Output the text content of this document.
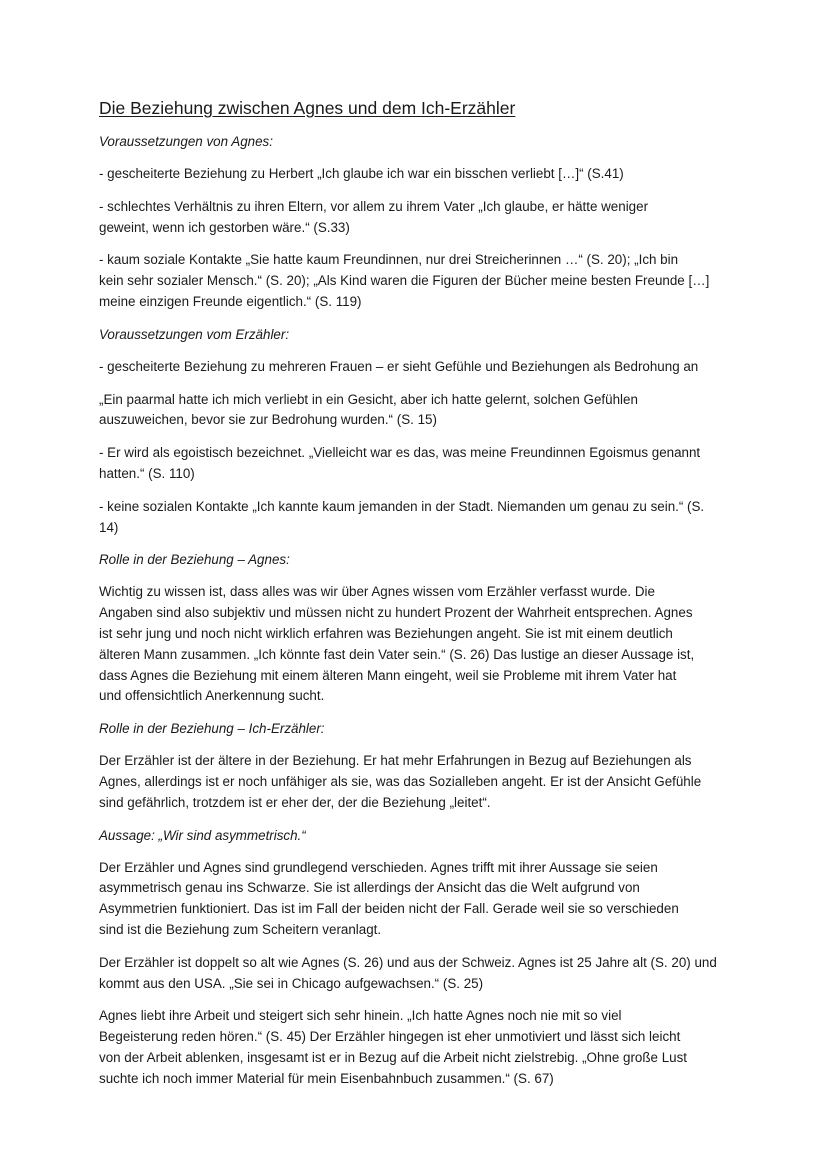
Die Beziehung zwischen Agnes und dem Ich-Erzähler
Voraussetzungen von Agnes:
- gescheiterte Beziehung zu Herbert „Ich glaube ich war ein bisschen verliebt […]“ (S.41)
- schlechtes Verhältnis zu ihren Eltern, vor allem zu ihrem Vater „Ich glaube, er hätte weniger
geweint, wenn ich gestorben wäre.“ (S.33)
- kaum soziale Kontakte „Sie hatte kaum Freundinnen, nur drei Streicherinnen …“ (S. 20); „Ich bin
kein sehr sozialer Mensch.“ (S. 20); „Als Kind waren die Figuren der Bücher meine besten Freunde […]
meine einzigen Freunde eigentlich.“ (S. 119)
Voraussetzungen vom Erzähler:
- gescheiterte Beziehung zu mehreren Frauen – er sieht Gefühle und Beziehungen als Bedrohung an
„Ein paarmal hatte ich mich verliebt in ein Gesicht, aber ich hatte gelernt, solchen Gefühlen
auszuweichen, bevor sie zur Bedrohung wurden.“ (S. 15)
- Er wird als egoistisch bezeichnet. „Vielleicht war es das, was meine Freundinnen Egoismus genannt
hatten.“ (S. 110)
- keine sozialen Kontakte „Ich kannte kaum jemanden in der Stadt. Niemanden um genau zu sein.“ (S.
14)
Rolle in der Beziehung – Agnes:
Wichtig zu wissen ist, dass alles was wir über Agnes wissen vom Erzähler verfasst wurde. Die
Angaben sind also subjektiv und müssen nicht zu hundert Prozent der Wahrheit entsprechen. Agnes
ist sehr jung und noch nicht wirklich erfahren was Beziehungen angeht. Sie ist mit einem deutlich
älteren Mann zusammen. „Ich könnte fast dein Vater sein.“ (S. 26) Das lustige an dieser Aussage ist,
dass Agnes die Beziehung mit einem älteren Mann eingeht, weil sie Probleme mit ihrem Vater hat
und offensichtlich Anerkennung sucht.
Rolle in der Beziehung – Ich-Erzähler:
Der Erzähler ist der ältere in der Beziehung. Er hat mehr Erfahrungen in Bezug auf Beziehungen als
Agnes, allerdings ist er noch unfähiger als sie, was das Sozialleben angeht. Er ist der Ansicht Gefühle
sind gefährlich, trotzdem ist er eher der, der die Beziehung „leitet“.
Aussage: „Wir sind asymmetrisch.“
Der Erzähler und Agnes sind grundlegend verschieden. Agnes trifft mit ihrer Aussage sie seien
asymmetrisch genau ins Schwarze. Sie ist allerdings der Ansicht das die Welt aufgrund von
Asymmetrien funktioniert. Das ist im Fall der beiden nicht der Fall. Gerade weil sie so verschieden
sind ist die Beziehung zum Scheitern veranlagt.
Der Erzähler ist doppelt so alt wie Agnes (S. 26) und aus der Schweiz. Agnes ist 25 Jahre alt (S. 20) und
kommt aus den USA. „Sie sei in Chicago aufgewachsen.“ (S. 25)
Agnes liebt ihre Arbeit und steigert sich sehr hinein. „Ich hatte Agnes noch nie mit so viel
Begeisterung reden hören.“ (S. 45) Der Erzähler hingegen ist eher unmotiviert und lässt sich leicht
von der Arbeit ablenken, insgesamt ist er in Bezug auf die Arbeit nicht zielstrebig. „Ohne große Lust
suchte ich noch immer Material für mein Eisenbahnbuch zusammen.“ (S. 67)
